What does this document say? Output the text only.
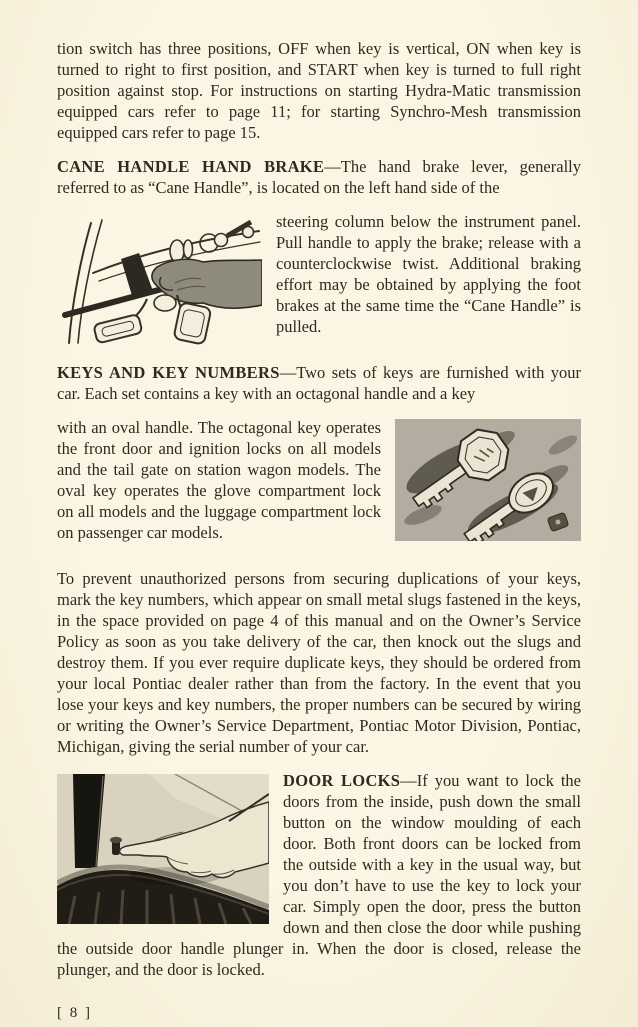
tion switch has three positions, OFF when key is vertical, ON when key is turned to right to first position, and START when key is turned to full right position against stop. For instructions on starting Hydra-Matic transmission equipped cars refer to page 11; for starting Synchro-Mesh transmission equipped cars refer to page 15.

CANE HANDLE HAND BRAKE—The hand brake lever, generally referred to as “Cane Handle”, is located on the left hand side of the

steering column below the instrument panel. Pull handle to apply the brake; release with a counterclockwise twist. Additional braking effort may be obtained by applying the foot brakes at the same time the “Cane Handle” is pulled.

KEYS AND KEY NUMBERS—Two sets of keys are furnished with your car. Each set contains a key with an octagonal handle and a key

with an oval handle. The octagonal key operates the front door and ignition locks on all models and the tail gate on station wagon models. The oval key operates the glove compartment lock on all models and the luggage compartment lock on passenger car models.

To prevent unauthorized persons from securing duplications of your keys, mark the key numbers, which appear on small metal slugs fastened in the keys, in the space provided on page 4 of this manual and on the Owner’s Service Policy as soon as you take delivery of the car, then knock out the slugs and destroy them. If you ever require duplicate keys, they should be ordered from your local Pontiac dealer rather than from the factory. In the event that you lose your keys and key numbers, the proper numbers can be secured by wiring or writing the Owner’s Service Department, Pontiac Motor Division, Pontiac, Michigan, giving the serial number of your car.

DOOR LOCKS—If you want to lock the doors from the inside, push down the small button on the window moulding of each door. Both front doors can be locked from the outside with a key in the usual way, but you don’t have to use the key to lock your car. Simply open the door, press the button down and then close the door while pushing the outside door handle plunger in. When the door is closed, release the plunger, and the door is locked.

[ 8 ]
